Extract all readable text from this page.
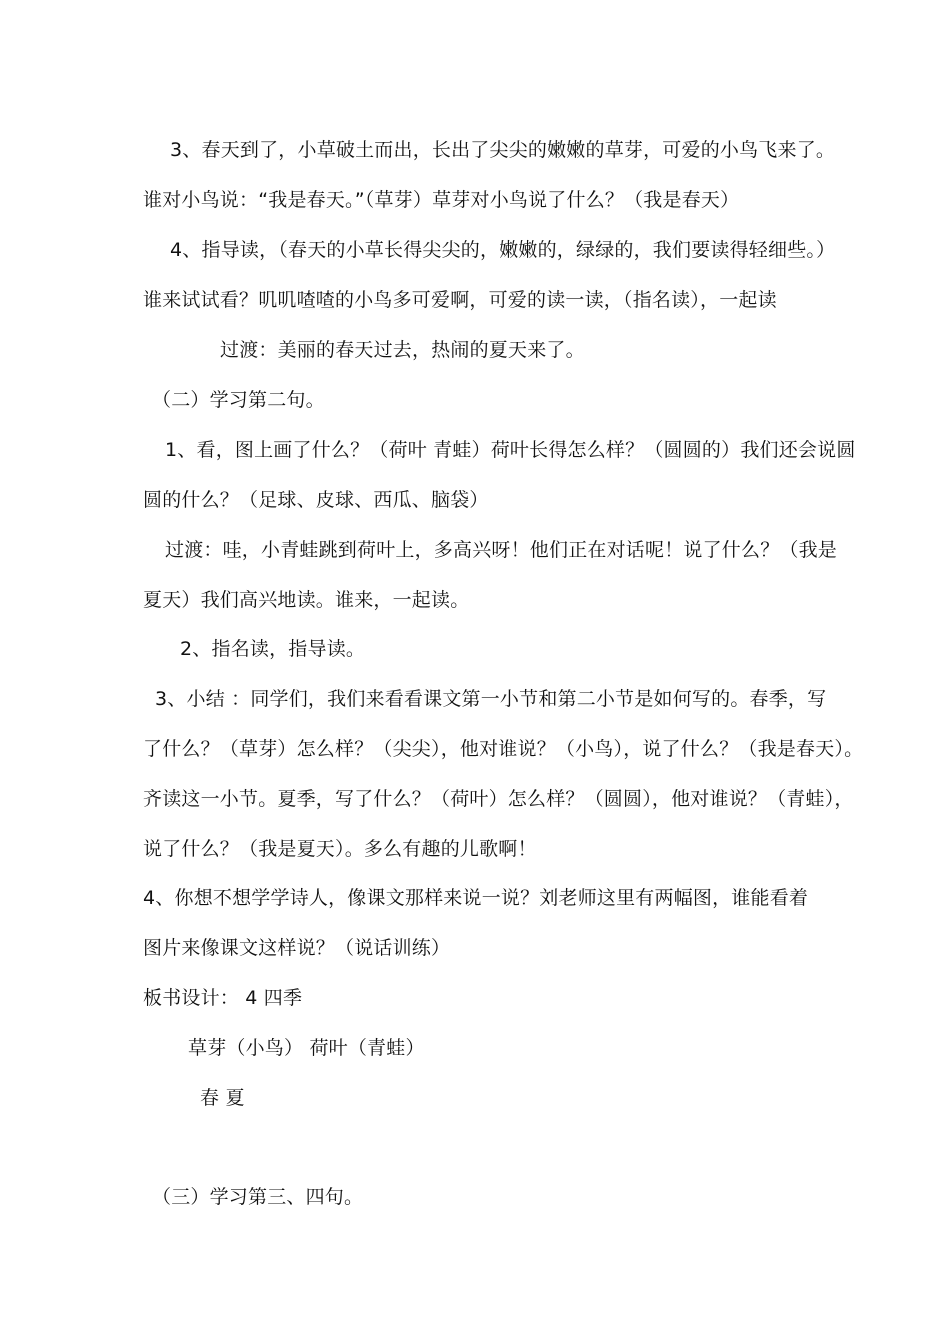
3、春天到了，小草破土而出，长出了尖尖的嫩嫩的草芽，可爱的小鸟飞来了。
谁对小鸟说：“我是春天。”（草芽）草芽对小鸟说了什么？（我是春天）
4、指导读，（春天的小草长得尖尖的，嫩嫩的，绿绿的，我们要读得轻细些。）
谁来试试看？叽叽喳喳的小鸟多可爱啊，可爱的读一读，（指名读），一起读
过渡：美丽的春天过去，热闹的夏天来了。
（二）学习第二句。
1、看，图上画了什么？（荷叶 青蛙）荷叶长得怎么样？（圆圆的）我们还会说圆
圆的什么？（足球、皮球、西瓜、脑袋）
过渡：哇，小青蛙跳到荷叶上，多高兴呀！他们正在对话呢！说了什么？（我是
夏天）我们高兴地读。谁来，一起读。
2、指名读，指导读。
3、小结 ：同学们，我们来看看课文第一小节和第二小节是如何写的。春季，写
了什么？（草芽）怎么样？（尖尖），他对谁说？（小鸟），说了什么？（我是春天）。
齐读这一小节。夏季，写了什么？（荷叶）怎么样？（圆圆），他对谁说？（青蛙），
说了什么？（我是夏天）。多么有趣的儿歌啊！
4、你想不想学学诗人，像课文那样来说一说？刘老师这里有两幅图，谁能看着
图片来像课文这样说？（说话训练）
板书设计： 4 四季
草芽（小鸟） 荷叶（青蛙）
春 夏
（三）学习第三、四句。
